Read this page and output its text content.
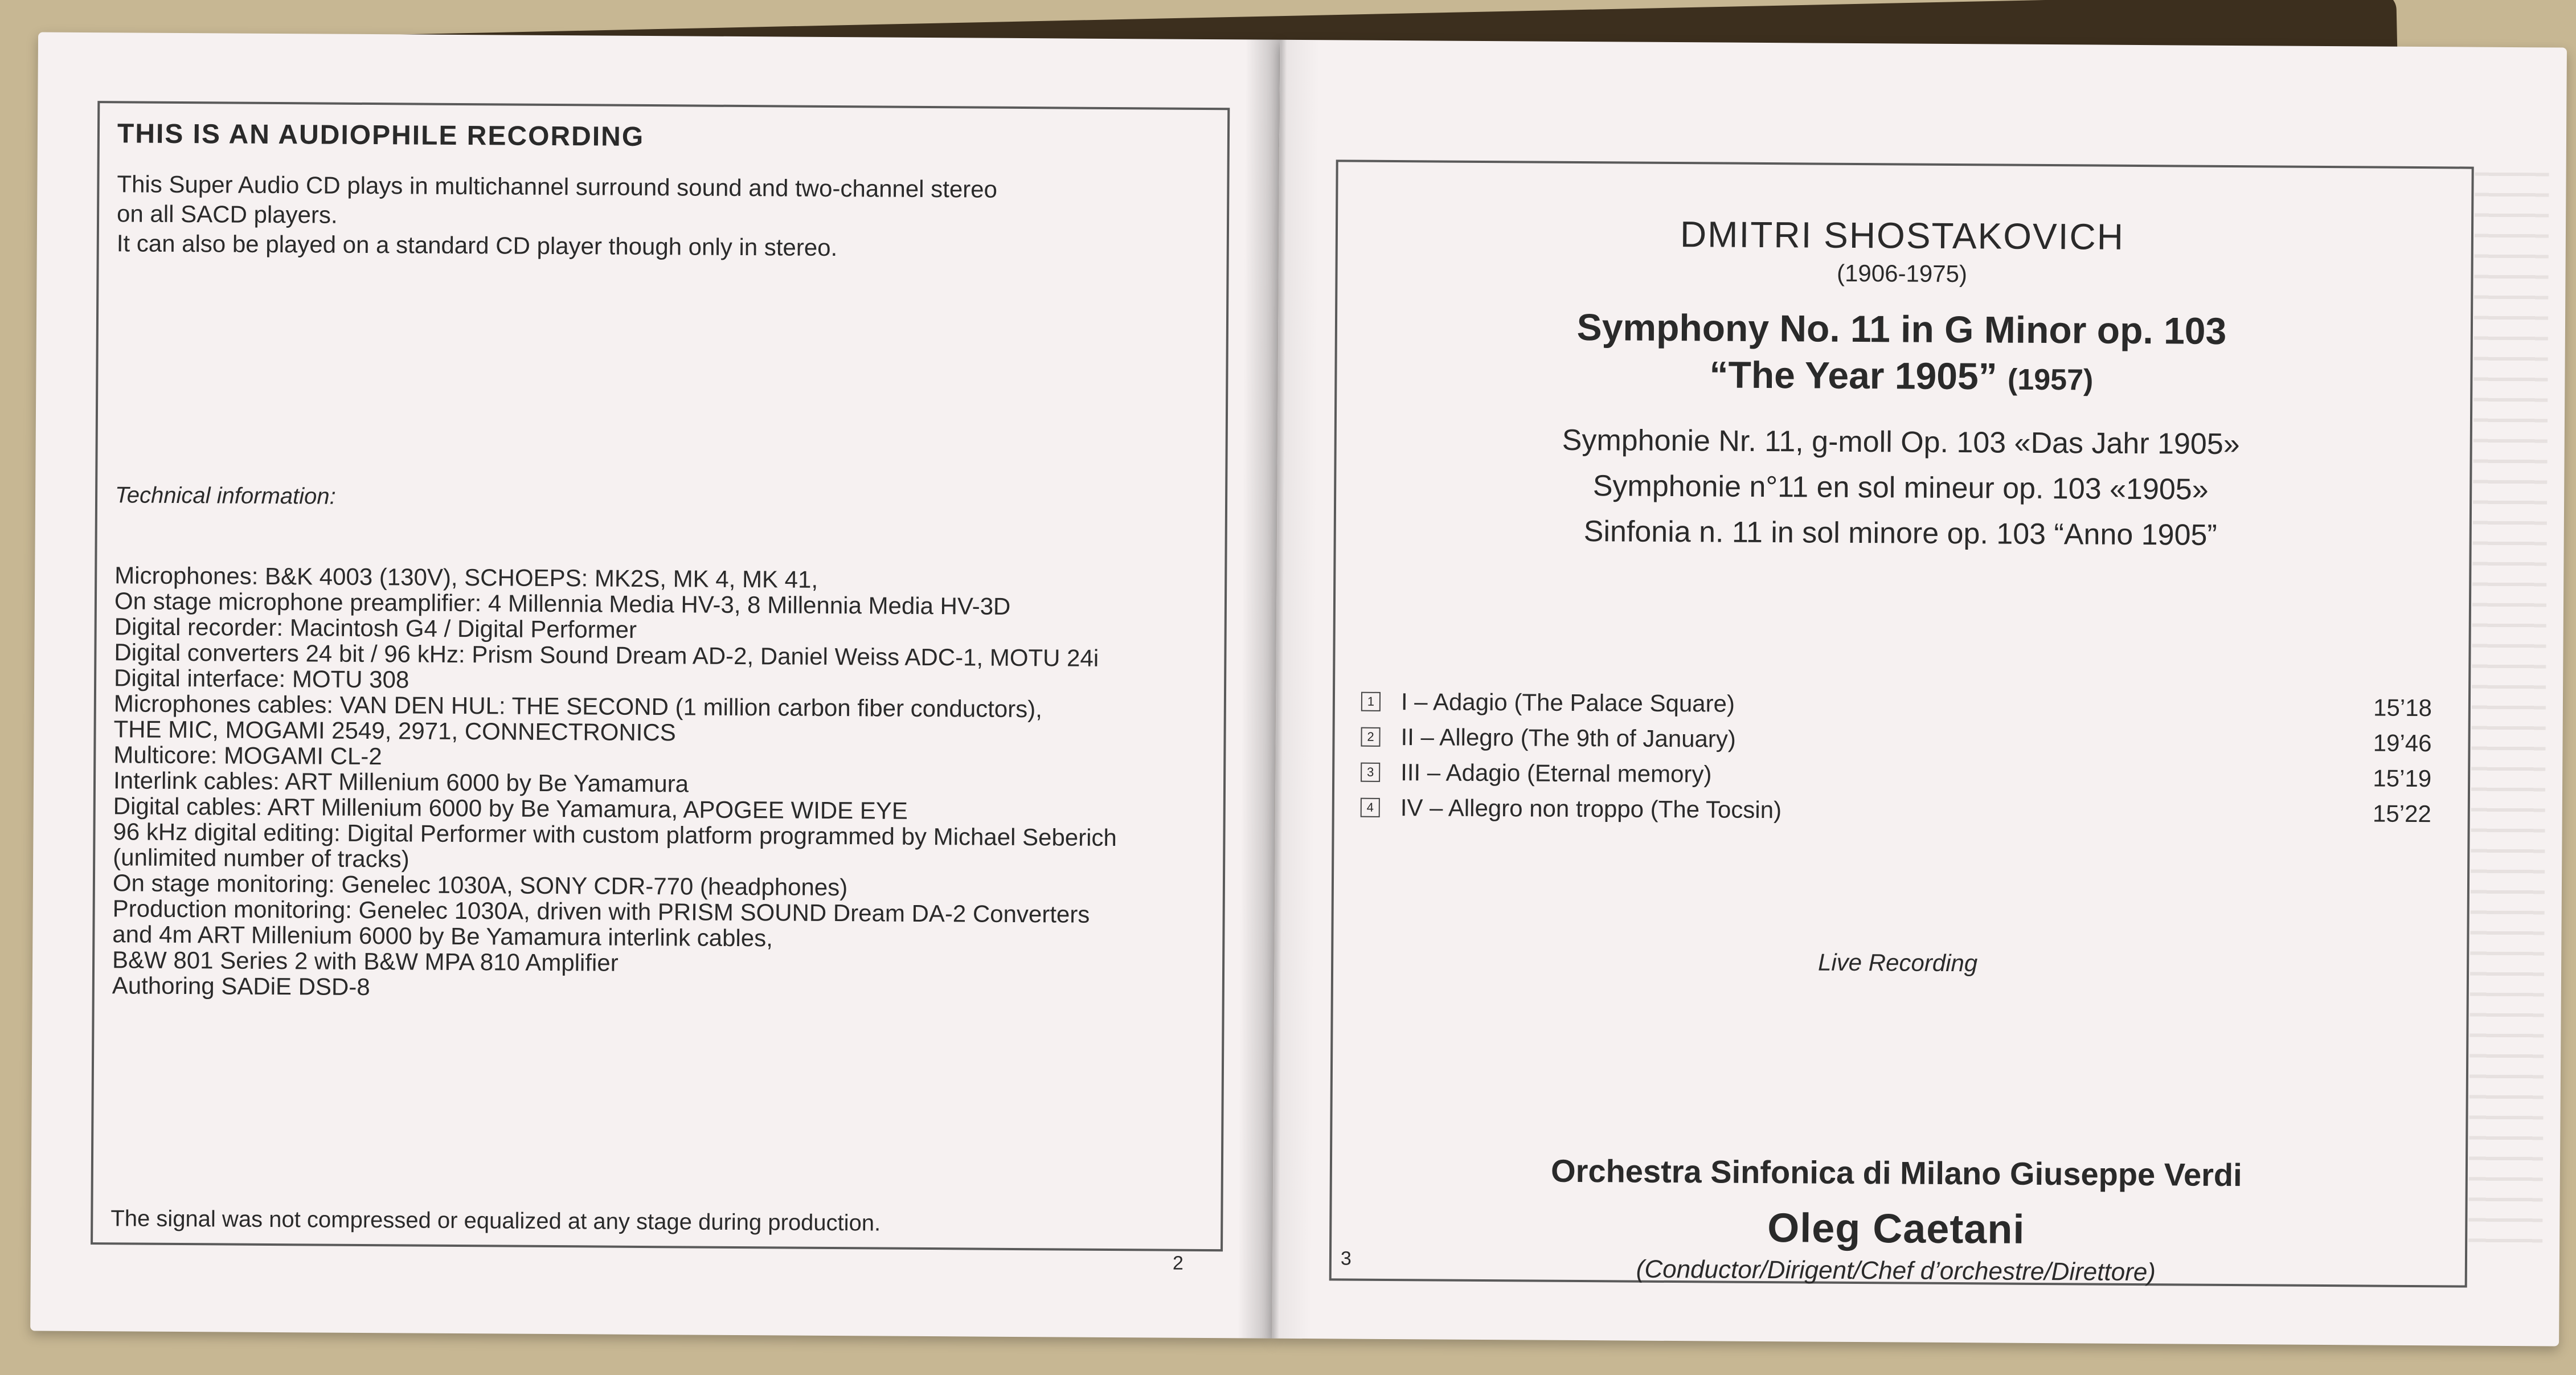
THIS IS AN AUDIOPHILE RECORDING
This Super Audio CD plays in multichannel surround sound and two-channel stereo
on all SACD players.
It can also be played on a standard CD player though only in stereo.
Technical information:
Microphones: B&K 4003 (130V), SCHOEPS: MK2S, MK 4, MK 41,
On stage microphone preamplifier: 4 Millennia Media HV-3, 8 Millennia Media HV-3D
Digital recorder: Macintosh G4 / Digital Performer
Digital converters 24 bit / 96 kHz: Prism Sound Dream AD-2, Daniel Weiss ADC-1, MOTU 24i
Digital interface: MOTU 308
Microphones cables: VAN DEN HUL: THE SECOND (1 million carbon fiber conductors),
THE MIC, MOGAMI 2549, 2971, CONNECTRONICS
Multicore: MOGAMI CL-2
Interlink cables: ART Millenium 6000 by Be Yamamura
Digital cables: ART Millenium 6000 by Be Yamamura, APOGEE WIDE EYE
96 kHz digital editing: Digital Performer with custom platform programmed by Michael Seberich
(unlimited number of tracks)
On stage monitoring: Genelec 1030A, SONY CDR-770 (headphones)
Production monitoring: Genelec 1030A, driven with PRISM SOUND Dream DA-2 Converters
and 4m ART Millenium 6000 by Be Yamamura interlink cables,
B&W 801 Series 2 with B&W MPA 810 Amplifier
Authoring SADiE DSD-8
The signal was not compressed or equalized at any stage during production.
2
DMITRI SHOSTAKOVICH
(1906-1975)
Symphony No. 11 in G Minor op. 103
“The Year 1905” (1957)
Symphonie Nr. 11, g-moll Op. 103 «Das Jahr 1905»
Symphonie n°11 en sol mineur op. 103 «1905»
Sinfonia n. 11 in sol minore op. 103 “Anno 1905”
1 I – Adagio (The Palace Square)	15’18
2 II – Allegro (The 9th of January)	19’46
3 III – Adagio (Eternal memory)	15’19
4 IV – Allegro non troppo (The Tocsin)	15’22
Live Recording
Orchestra Sinfonica di Milano Giuseppe Verdi
Oleg Caetani
(Conductor/Dirigent/Chef d’orchestre/Direttore)
3
